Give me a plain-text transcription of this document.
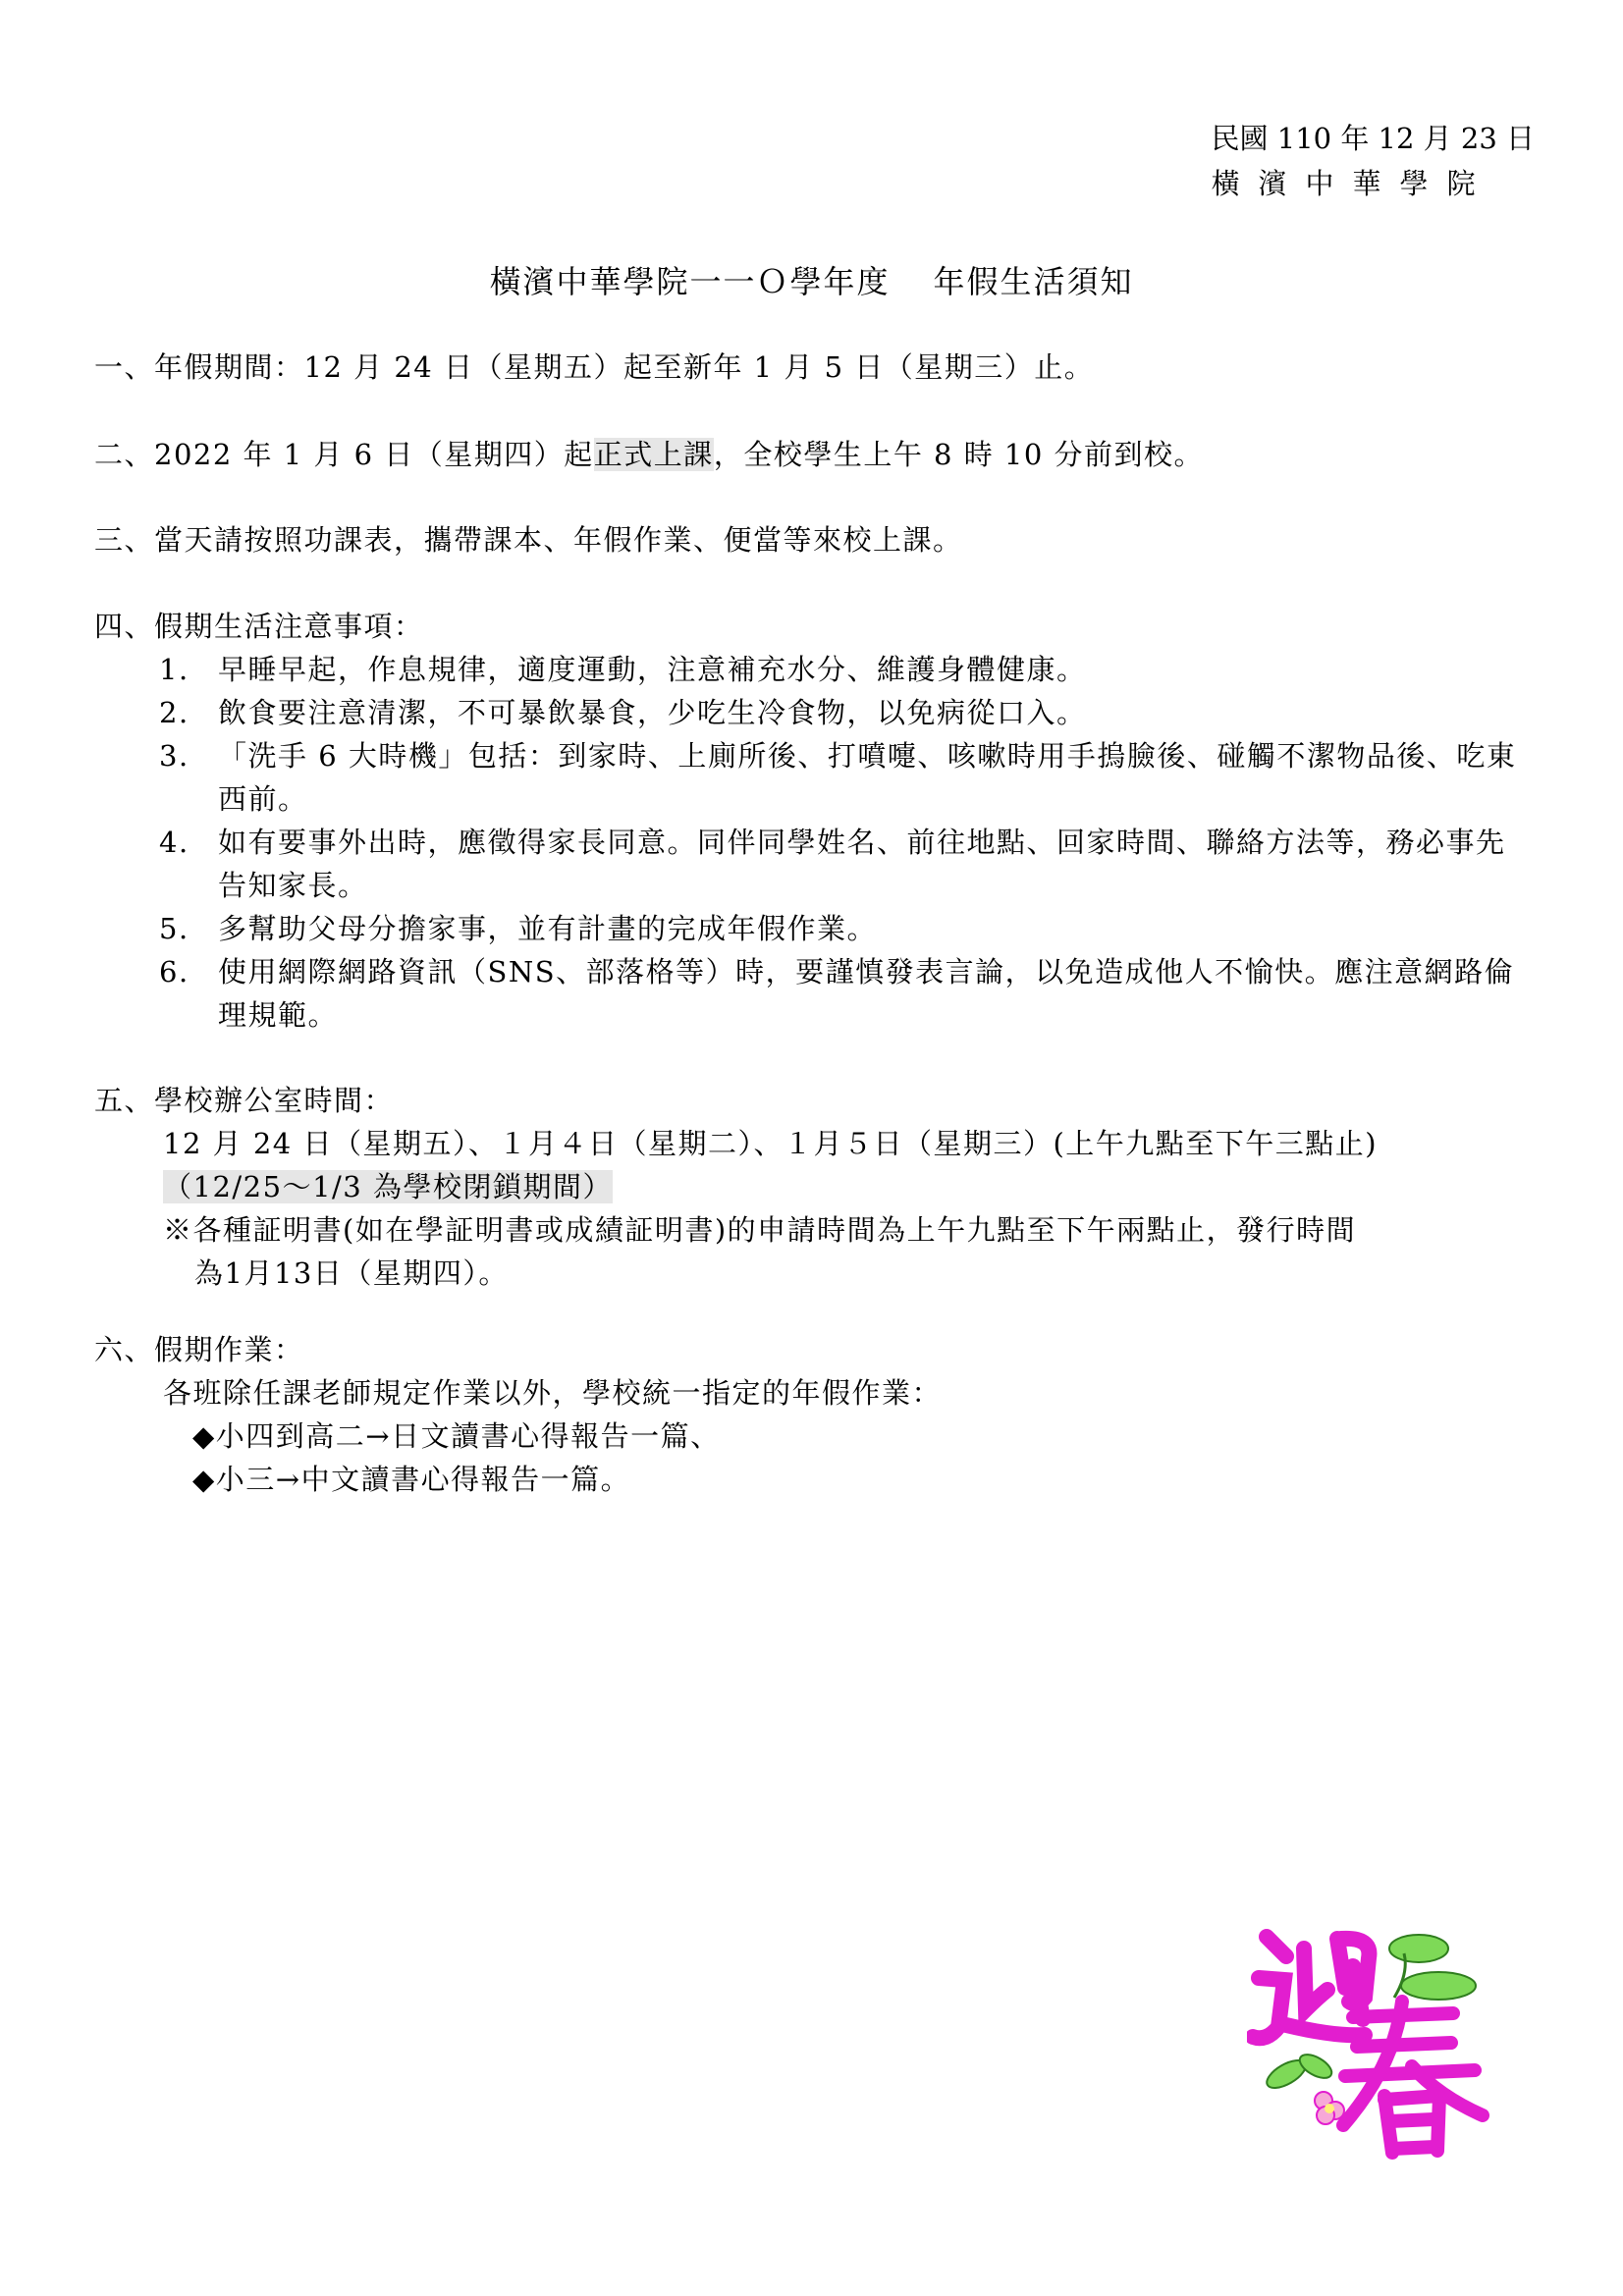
民國 110 年 12 月 23 日
橫濱中華學院
橫濱中華學院一一Ｏ學年度 年假生活須知
一、年假期間：12 月 24 日（星期五）起至新年 1 月 5 日（星期三）止。
二、2022 年 1 月 6 日（星期四）起正式上課，全校學生上午 8 時 10 分前到校。
三、當天請按照功課表，攜帶課本、年假作業、便當等來校上課。
四、假期生活注意事項：
1. 早睡早起，作息規律，適度運動，注意補充水分、維護身體健康。
2. 飲食要注意清潔，不可暴飲暴食，少吃生冷食物，以免病從口入。
3. 「洗手 6 大時機」包括：到家時、上廁所後、打噴嚏、咳嗽時用手摀臉後、碰觸不潔物品後、吃東西前。
4. 如有要事外出時，應徵得家長同意。同伴同學姓名、前往地點、回家時間、聯絡方法等，務必事先告知家長。
5. 多幫助父母分擔家事，並有計畫的完成年假作業。
6. 使用網際網路資訊（SNS、部落格等）時，要謹慎發表言論，以免造成他人不愉快。應注意網路倫理規範。
五、學校辦公室時間：
12 月 24 日（星期五）、１月４日（星期二）、１月５日（星期三）(上午九點至下午三點止)
（12/25～1/3 為學校閉鎖期間）
※各種証明書(如在學証明書或成績証明書)的申請時間為上午九點至下午兩點止，發行時間
為1月13日（星期四）。
六、假期作業：
各班除任課老師規定作業以外，學校統一指定的年假作業：
◆小四到高二→日文讀書心得報告一篇、
◆小三→中文讀書心得報告一篇。
